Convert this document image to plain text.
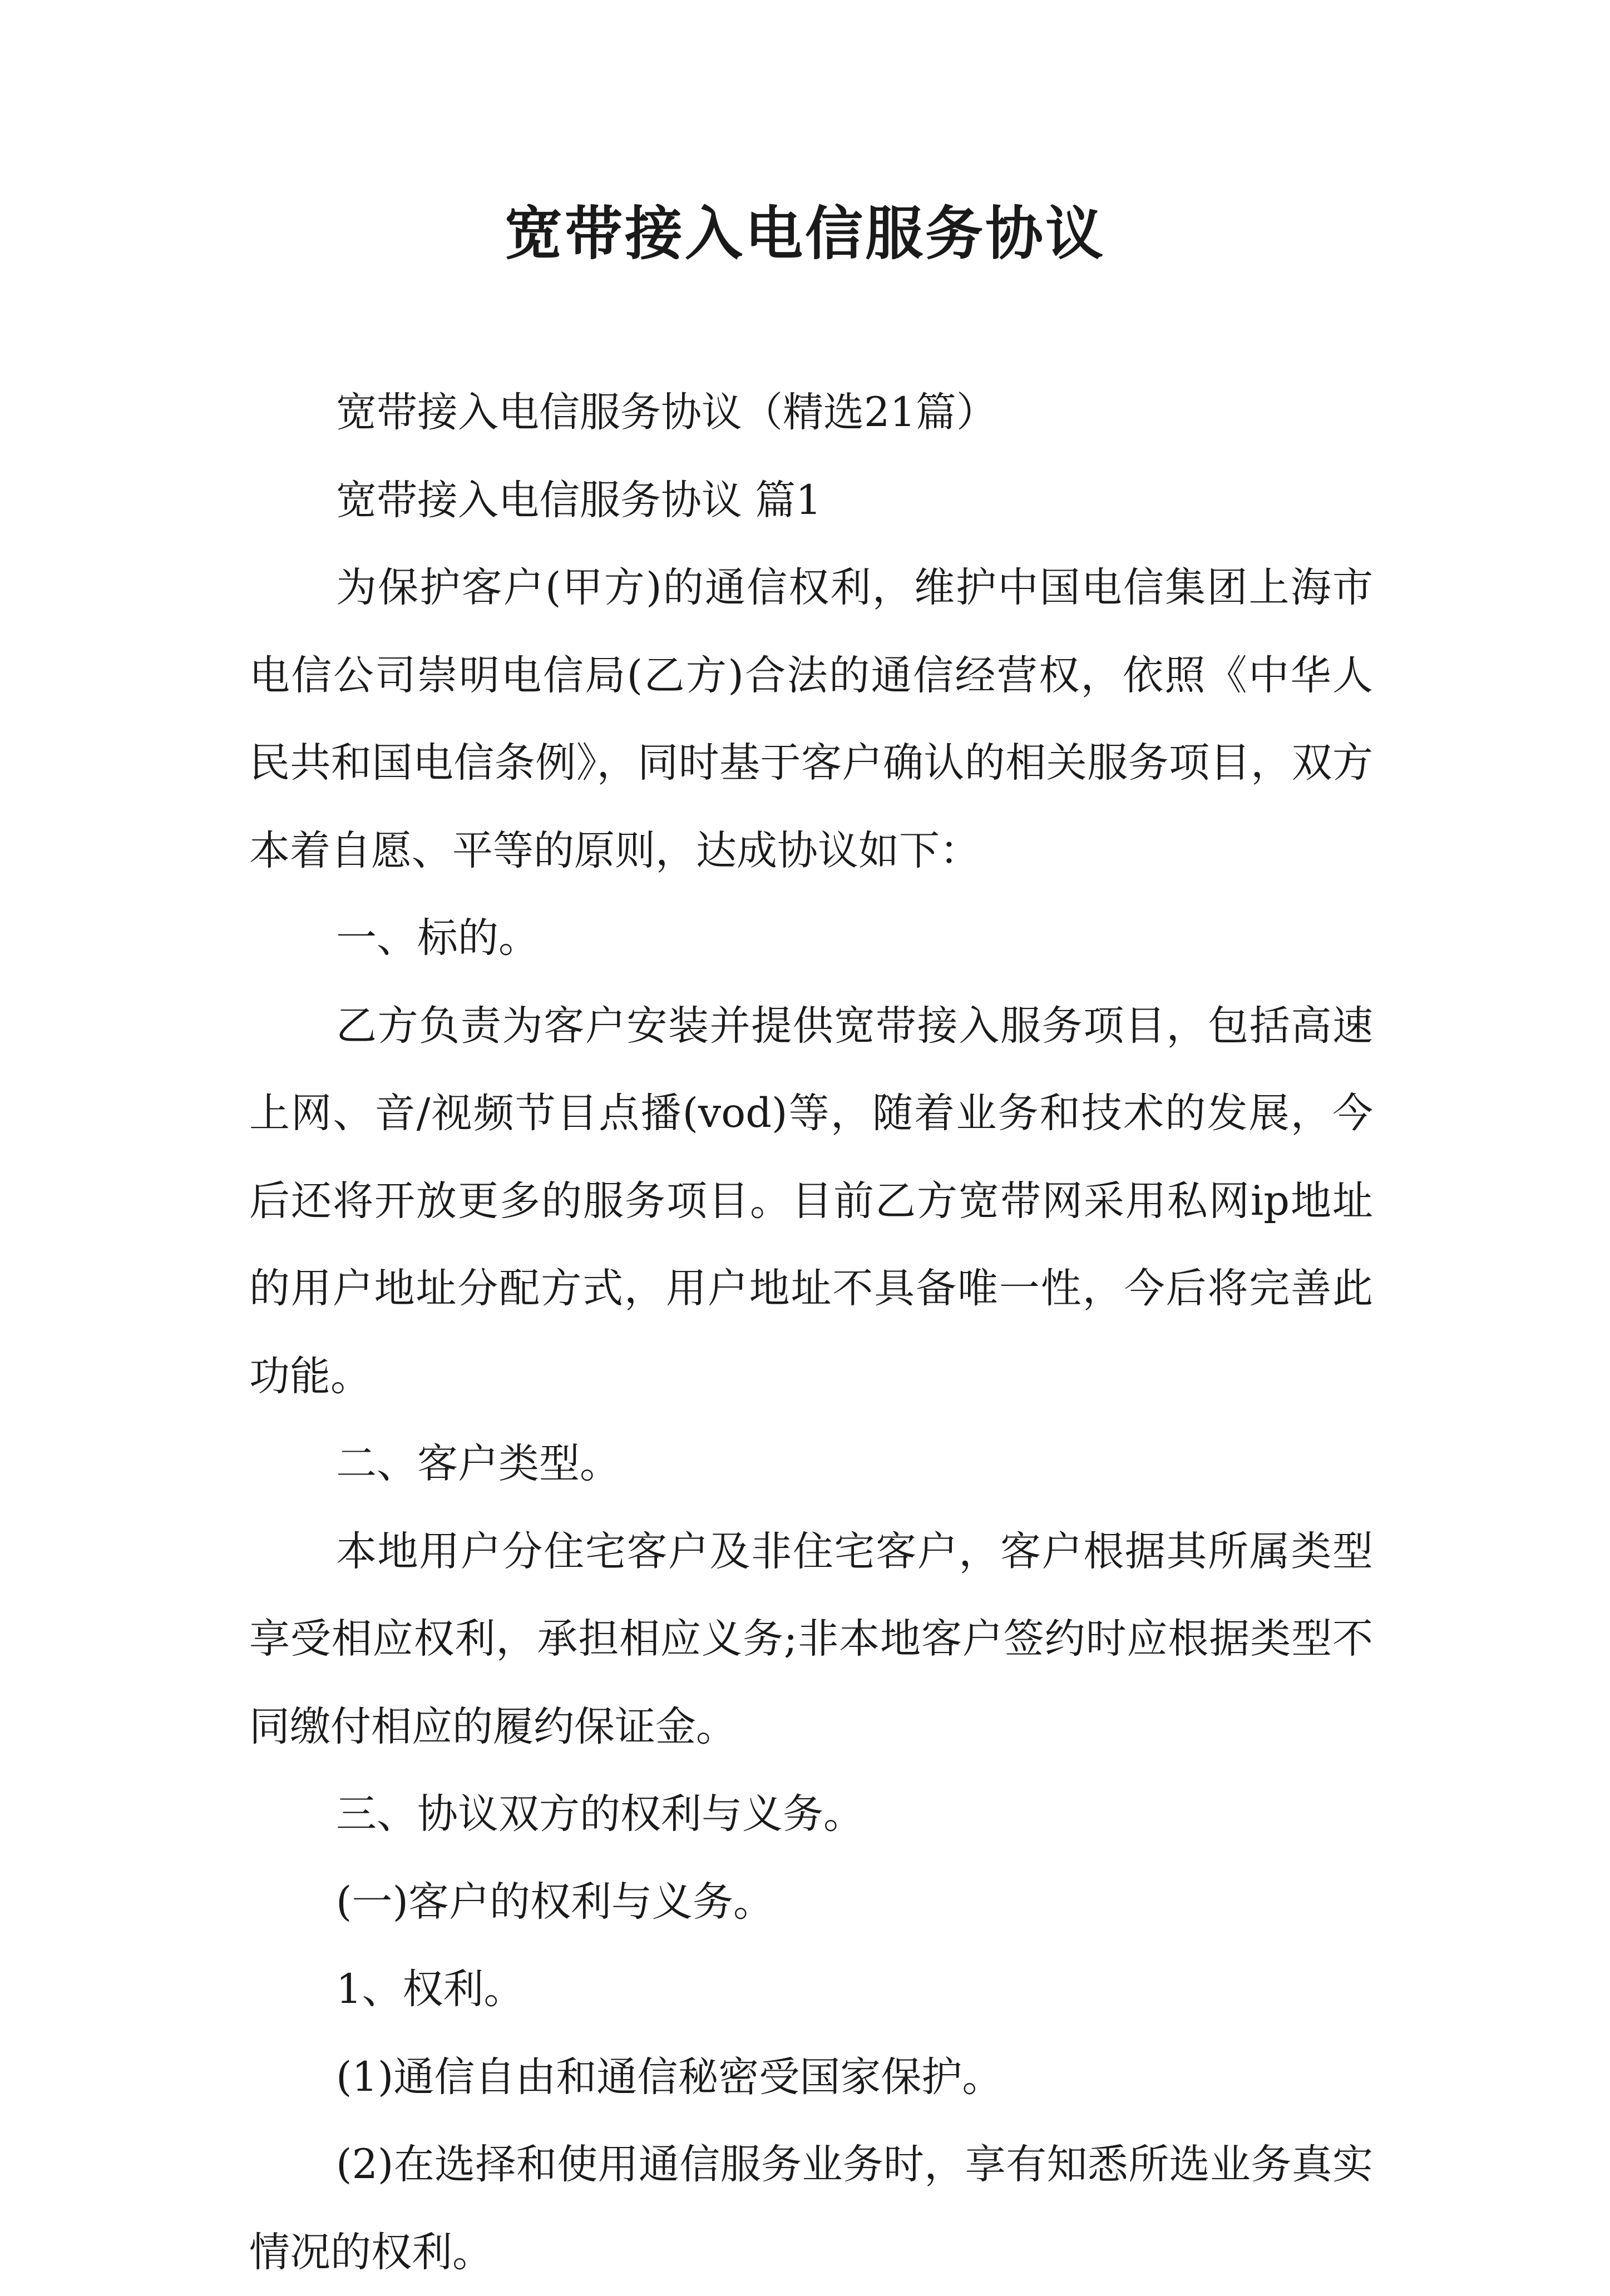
宽带接入电信服务协议

宽带接入电信服务协议（精选21篇）

宽带接入电信服务协议 篇1

为保护客户(甲方)的通信权利，维护中国电信集团上海市电信公司崇明电信局(乙方)合法的通信经营权，依照《中华人民共和国电信条例》，同时基于客户确认的相关服务项目，双方本着自愿、平等的原则，达成协议如下：

一、标的。

乙方负责为客户安装并提供宽带接入服务项目，包括高速上网、音/视频节目点播(vod)等，随着业务和技术的发展，今后还将开放更多的服务项目。目前乙方宽带网采用私网ip地址的用户地址分配方式，用户地址不具备唯一性，今后将完善此功能。

二、客户类型。

本地用户分住宅客户及非住宅客户，客户根据其所属类型享受相应权利，承担相应义务;非本地客户签约时应根据类型不同缴付相应的履约保证金。

三、协议双方的权利与义务。

(一)客户的权利与义务。

1、权利。

(1)通信自由和通信秘密受国家保护。

(2)在选择和使用通信服务业务时，享有知悉所选业务真实情况的权利。
